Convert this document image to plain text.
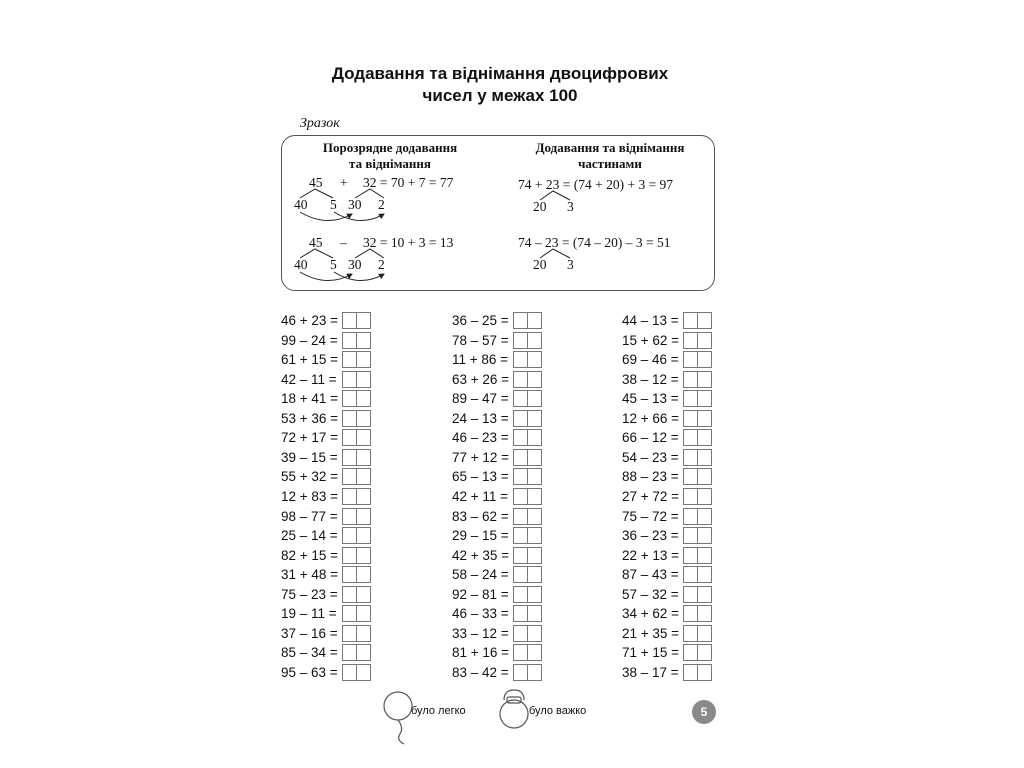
Додавання та віднімання двоцифрових
чисел у межах 100
Зразок
Порозрядне додавання
та віднімання
Додавання та віднімання
частинами
45 + 32 = 70 + 7 = 77
40 5 30 2
45 – 32 = 10 + 3 = 13
40 5 30 2
74 + 23 = (74 + 20) + 3 = 97
20 3
74 – 23 = (74 – 20) – 3 = 51
20 3
46 + 23 =
99 – 24 =
61 + 15 =
42 – 11 =
18 + 41 =
53 + 36 =
72 + 17 =
39 – 15 =
55 + 32 =
12 + 83 =
98 – 77 =
25 – 14 =
82 + 15 =
31 + 48 =
75 – 23 =
19 – 11 =
37 – 16 =
85 – 34 =
95 – 63 =
36 – 25 =
78 – 57 =
11 + 86 =
63 + 26 =
89 – 47 =
24 – 13 =
46 – 23 =
77 + 12 =
65 – 13 =
42 + 11 =
83 – 62 =
29 – 15 =
42 + 35 =
58 – 24 =
92 – 81 =
46 – 33 =
33 – 12 =
81 + 16 =
83 – 42 =
44 – 13 =
15 + 62 =
69 – 46 =
38 – 12 =
45 – 13 =
12 + 66 =
66 – 12 =
54 – 23 =
88 – 23 =
27 + 72 =
75 – 72 =
36 – 23 =
22 + 13 =
87 – 43 =
57 – 32 =
34 + 62 =
21 + 35 =
71 + 15 =
38 – 17 =
було легко	було важко	5
